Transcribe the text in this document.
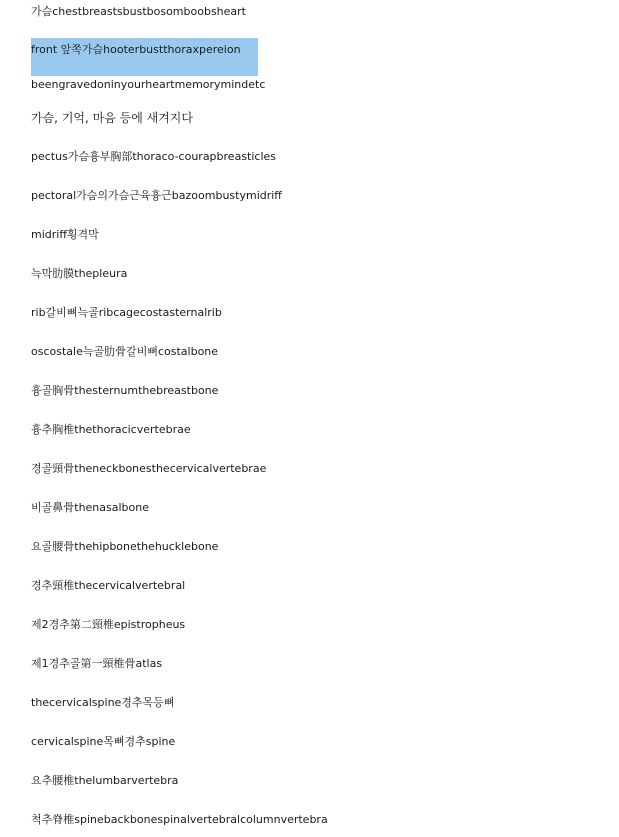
가슴chestbreastsbustbosomboobsheart
front 앞쪽가슴hooterbustthoraxpereion
beengravedoninyourheartmemorymindetc
가슴, 기억, 마음 등에 새겨지다
pectus가슴흉부胸部thoraco-courapbreasticles
pectoral가슴의가슴근육흉근bazoombustymidriff
midriff횡격막
늑막肋膜thepleura
rib갈비뼈늑골ribcagecostasternalrib
oscostale늑골肋骨갈비뼈costalbone
흉골胸骨thesternumthebreastbone
흉추胸椎thethoracicvertebrae
경골頸骨theneckbonesthecervicalvertebrae
비골鼻骨thenasalbone
요골腰骨thehipbonethehucklebone
경추頸椎thecervicalvertebral
제2경추第二頸椎epistropheus
제1경추골第一頸椎骨atlas
thecervicalspine경추목등뼈
cervicalspine목뼈경추spine
요추腰椎thelumbarvertebra
척추脊椎spinebackbonespinalvertebralcolumnvertebra
